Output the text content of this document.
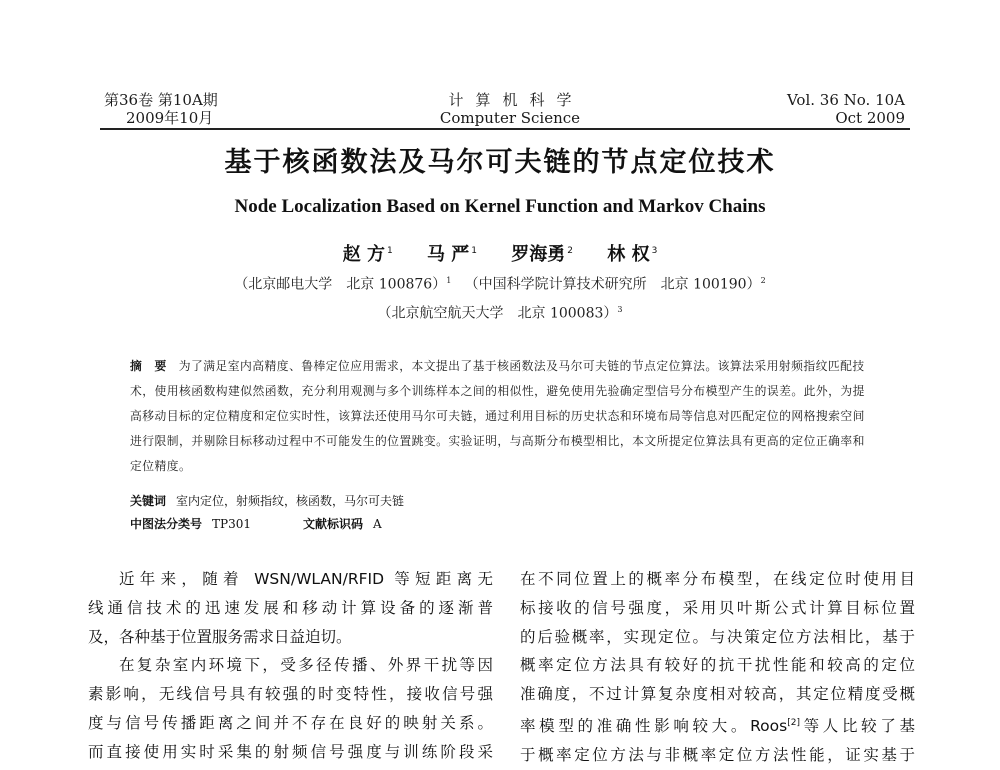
第36卷 第10A期
2009年10月
计算机科学
Computer Science
Vol. 36 No. 10A
Oct 2009
基于核函数法及马尔可夫链的节点定位技术
Node Localization Based on Kernel Function and Markov Chains
赵 方 $^1$ 马 严 $^1$ 罗海勇 $^2$ 林 权 $^3$
（北京邮电大学　北京 100876）$^1$ （中国科学院计算技术研究所　北京 100190）$^2$
（北京航空航天大学　北京 100083）$^3$
摘　要 为了满足室内高精度、鲁棒定位应用需求，本文提出了基于核函数法及马尔可夫链的节点定位算法。该算法采用射频指纹匹配技术，使用核函数构建似然函数，充分利用观测与多个训练样本之间的相似性，避免使用先验确定型信号分布模型产生的误差。此外，为提高移动目标的定位精度和定位实时性，该算法还使用马尔可夫链，通过利用目标的历史状态和环境布局等信息对匹配定位的网格搜索空间进行限制，并剔除目标移动过程中不可能发生的位置跳变。实验证明，与高斯分布模型相比，本文所提定位算法具有更高的定位正确率和定位精度。
关键词 室内定位，射频指纹，核函数，马尔可夫链
中图法分类号 TP301	文献标识码 A
近年来，随着 WSN/WLAN/RFID 等短距离无
线通信技术的迅速发展和移动计算设备的逐渐普
及，各种基于位置服务需求日益迫切。
在复杂室内环境下，受多径传播、外界干扰等因
素影响，无线信号具有较强的时变特性，接收信号强
度与信号传播距离之间并不存在良好的映射关系。
而直接使用实时采集的射频信号强度与训练阶段采
在不同位置上的概率分布模型，在线定位时使用目
标接收的信号强度，采用贝叶斯公式计算目标位置
的后验概率，实现定位。与决策定位方法相比，基于
概率定位方法具有较好的抗干扰性能和较高的定位
准确度，不过计算复杂度相对较高，其定位精度受概
率模型的准确性影响较大。Roos[2]等人比较了基
于概率定位方法与非概率定位方法性能，证实基于
